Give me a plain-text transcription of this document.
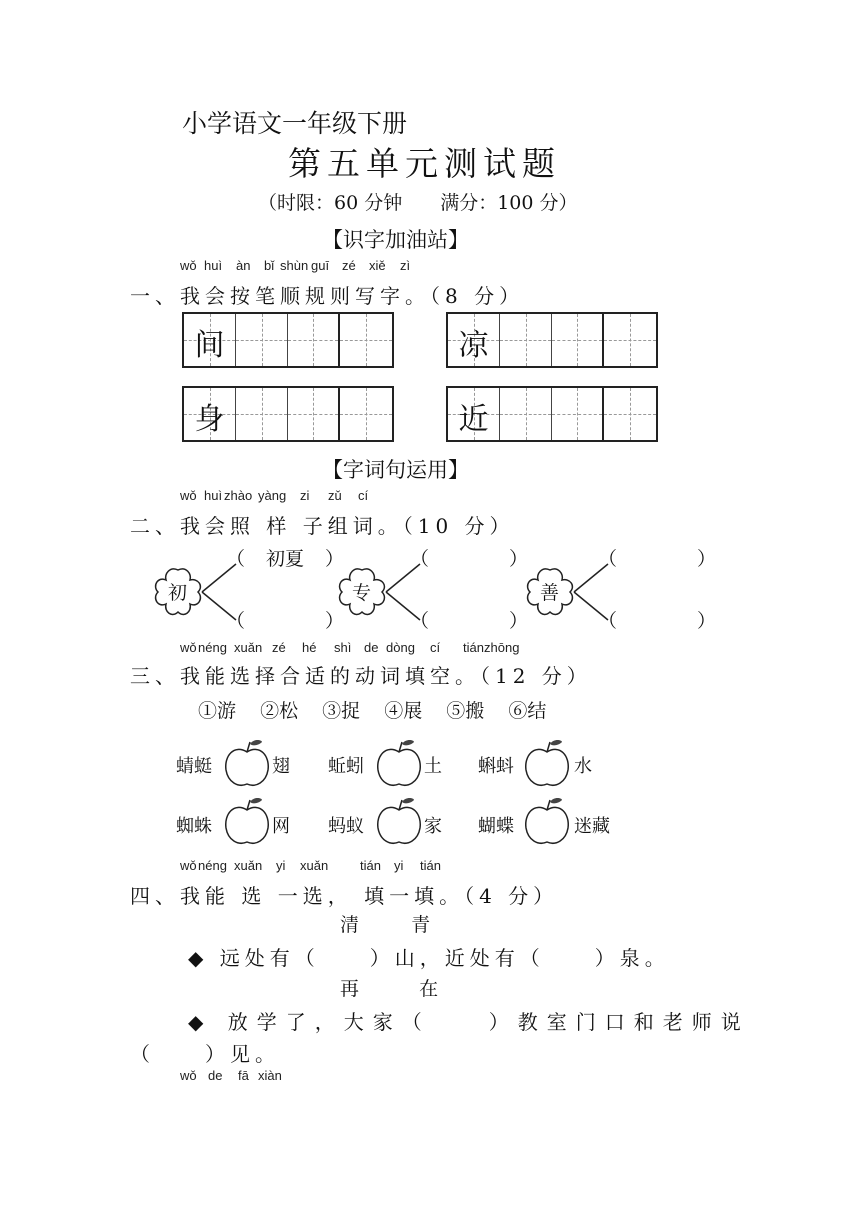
小学语文一年级下册
第五单元测试题
（时限：60 分钟　　满分：100 分）
【识字加油站】
wǒ huì àn bǐ shùn guī zé xiě zì
一、我会按笔顺规则写字。（8 分）
间	凉
身	近
【字词句运用】
wǒ huì zhào yàng zi zǔ cí
二、我会照 样 子组词。（10 分）
初
（ 初夏 ）
（	）
专
（	）
（	）
善
（	）
（	）
wǒ néng xuǎn zé hé shì de dòng cí tián zhōng
三、我能选择合适的动词填空。（12 分）
①游 ②松 ③捉 ④展 ⑤搬 ⑥结
蜻蜓	翅 蚯蚓	土 蝌蚪	水
蜘蛛	网 蚂蚁	家 蝴蝶	迷藏
wǒ néng xuǎn yi xuǎn tián yi tián
四、我能 选 一选， 填一填。（4 分）
清	青
◆ 远处有（　　）山，近处有（　　）泉。
再	在
◆ 放学了，大家（　　）教室门口和老师说
（　　）见。
wǒ de fā xiàn
